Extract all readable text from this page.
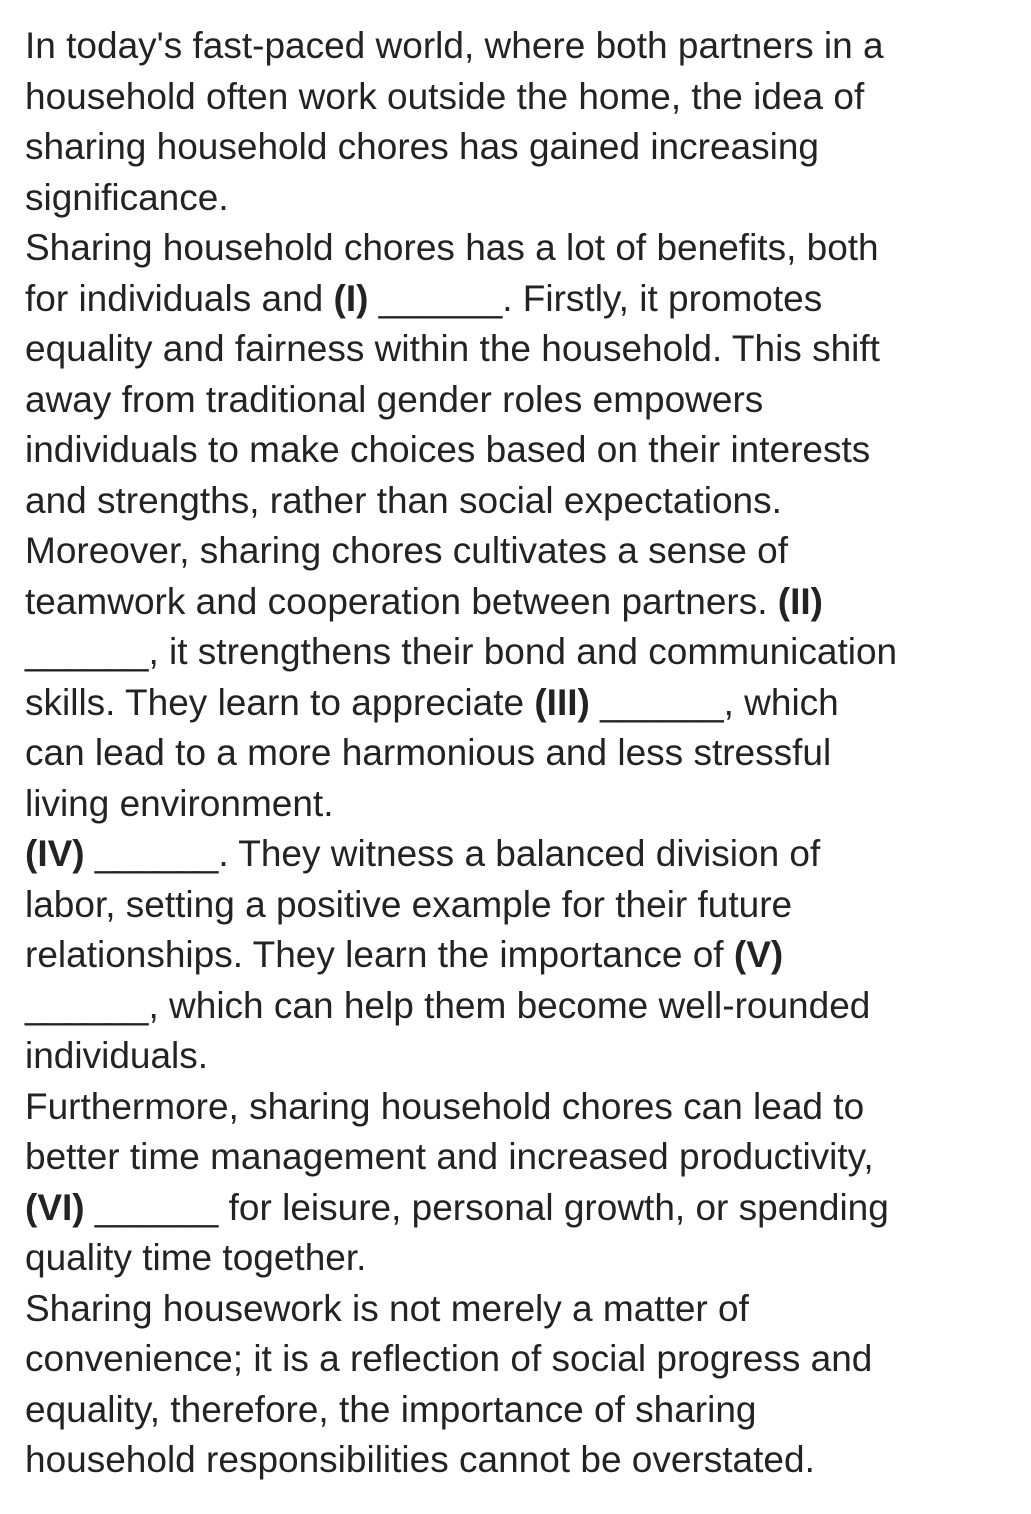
In today's fast-paced world, where both partners in a
household often work outside the home, the idea of
sharing household chores has gained increasing
significance.
Sharing household chores has a lot of benefits, both
for individuals and (I) ______. Firstly, it promotes
equality and fairness within the household. This shift
away from traditional gender roles empowers
individuals to make choices based on their interests
and strengths, rather than social expectations.
Moreover, sharing chores cultivates a sense of
teamwork and cooperation between partners. (II)
______, it strengthens their bond and communication
skills. They learn to appreciate (III) ______, which
can lead to a more harmonious and less stressful
living environment.
(IV) ______. They witness a balanced division of
labor, setting a positive example for their future
relationships. They learn the importance of (V)
______, which can help them become well-rounded
individuals.
Furthermore, sharing household chores can lead to
better time management and increased productivity,
(VI) ______ for leisure, personal growth, or spending
quality time together.
Sharing housework is not merely a matter of
convenience; it is a reflection of social progress and
equality, therefore, the importance of sharing
household responsibilities cannot be overstated.
